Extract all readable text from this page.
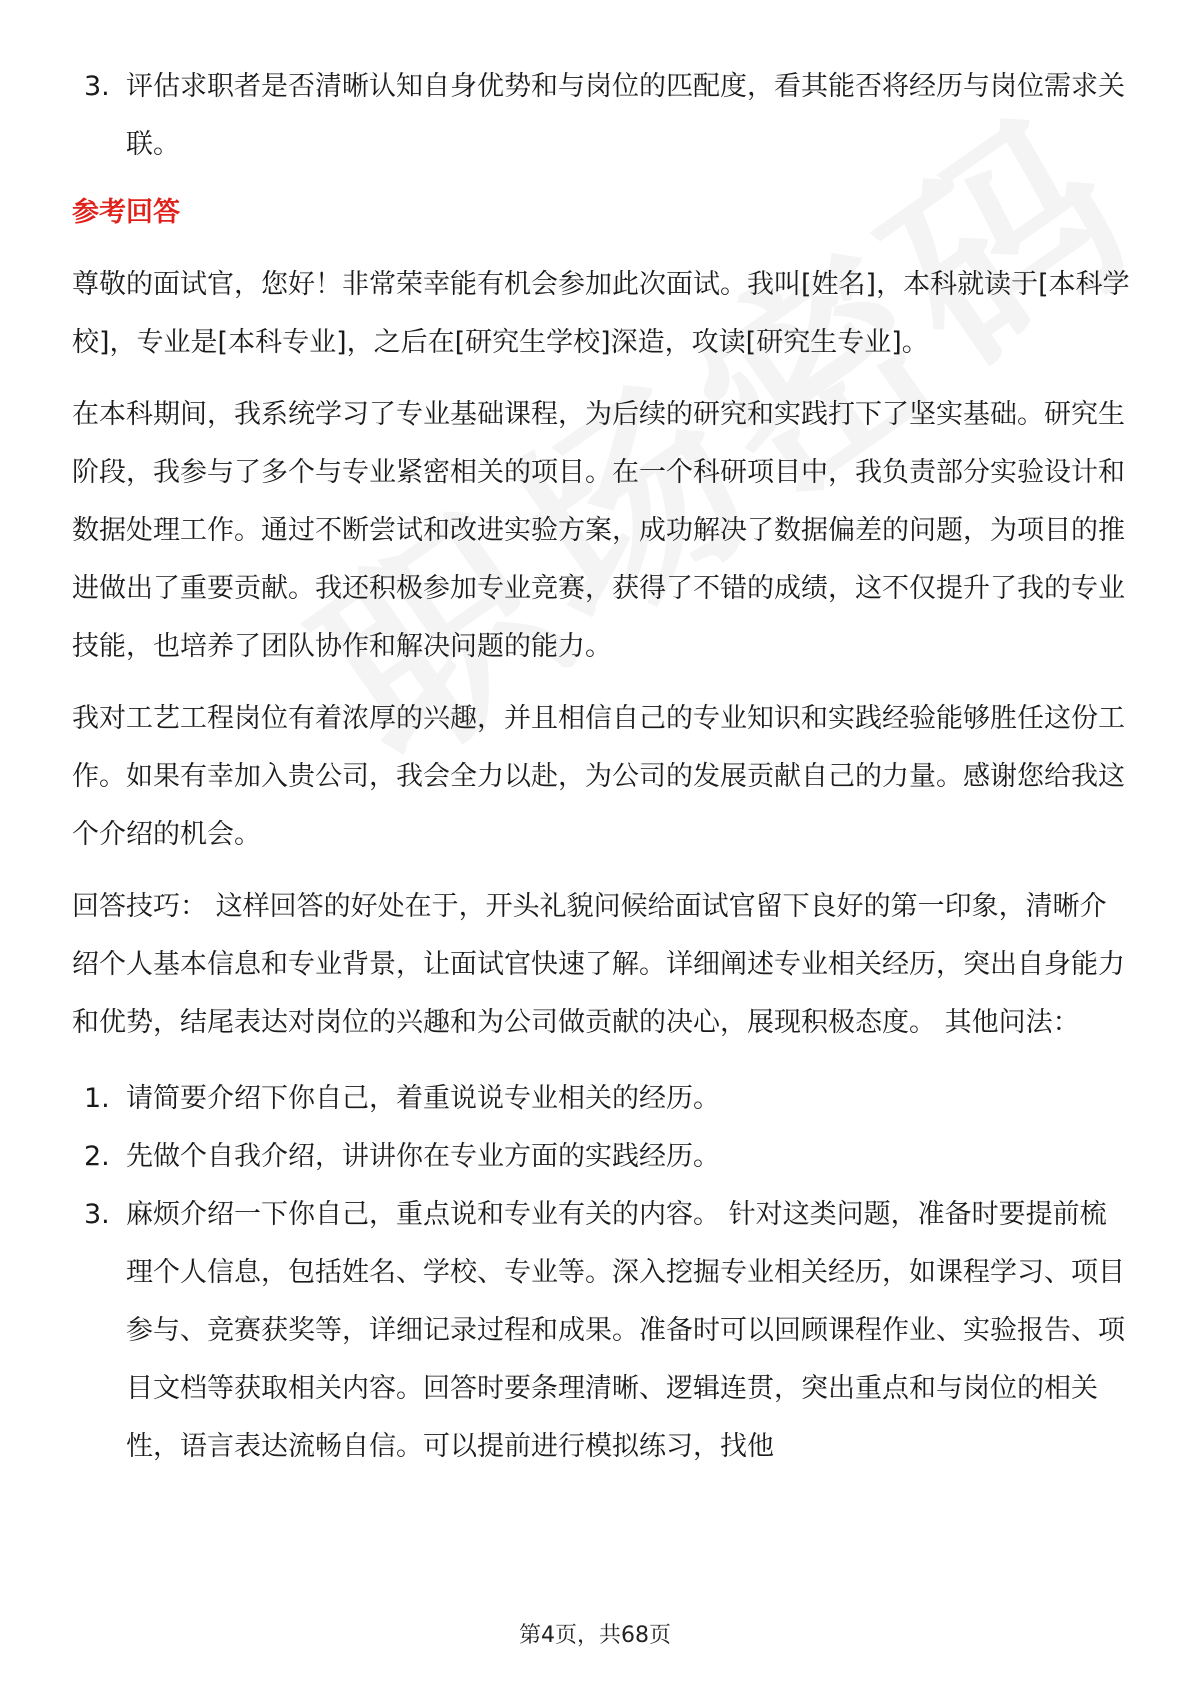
3. 评估求职者是否清晰认知自身优势和与岗位的匹配度，看其能否将经历与岗位需求关联。
参考回答

尊敬的面试官，您好！非常荣幸能有机会参加此次面试。我叫[姓名]，本科就读于[本科学校]，专业是[本科专业]，之后在[研究生学校]深造，攻读[研究生专业]。

在本科期间，我系统学习了专业基础课程，为后续的研究和实践打下了坚实基础。研究生阶段，我参与了多个与专业紧密相关的项目。在一个科研项目中，我负责部分实验设计和数据处理工作。通过不断尝试和改进实验方案，成功解决了数据偏差的问题，为项目的推进做出了重要贡献。我还积极参加专业竞赛，获得了不错的成绩，这不仅提升了我的专业技能，也培养了团队协作和解决问题的能力。

我对工艺工程岗位有着浓厚的兴趣，并且相信自己的专业知识和实践经验能够胜任这份工作。如果有幸加入贵公司，我会全力以赴，为公司的发展贡献自己的力量。感谢您给我这个介绍的机会。

回答技巧： 这样回答的好处在于，开头礼貌问候给面试官留下良好的第一印象，清晰介绍个人基本信息和专业背景，让面试官快速了解。详细阐述专业相关经历，突出自身能力和优势，结尾表达对岗位的兴趣和为公司做贡献的决心，展现积极态度。 其他问法：

1. 请简要介绍下你自己，着重说说专业相关的经历。
2. 先做个自我介绍，讲讲你在专业方面的实践经历。
3. 麻烦介绍一下你自己，重点说和专业有关的内容。 针对这类问题，准备时要提前梳理个人信息，包括姓名、学校、专业等。深入挖掘专业相关经历，如课程学习、项目参与、竞赛获奖等，详细记录过程和成果。准备时可以回顾课程作业、实验报告、项目文档等获取相关内容。回答时要条理清晰、逻辑连贯，突出重点和与岗位的相关性，语言表达流畅自信。可以提前进行模拟练习，找他
第4页，共68页
